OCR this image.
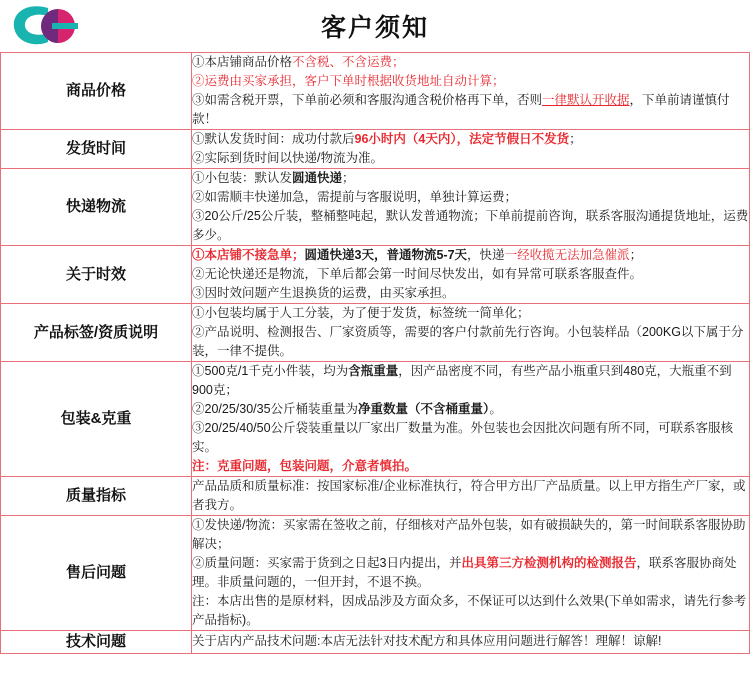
客户须知
商品价格	①本店铺商品价格不含税、不含运费；

②运费由买家承担，客户下单时根据收货地址自动计算；

③如需含税开票，下单前必须和客服沟通含税价格再下单，否则一律默认开收据，下单前请谨慎付款！

发货时间	①默认发货时间：成功付款后96小时内（4天内），法定节假日不发货；

②实际到货时间以快递/物流为准。

快递物流	①小包装：默认发圆通快递；

②如需顺丰快递加急，需提前与客服说明，单独计算运费；

③20公斤/25公斤装，整桶整吨起，默认发普通物流；下单前提前咨询，联系客服沟通提货地址，运费多少。

关于时效	①本店铺不接急单；圆通快递3天，普通物流5-7天，快递一经收揽无法加急催派；

②无论快递还是物流，下单后都会第一时间尽快发出，如有异常可联系客服查件。

③因时效问题产生退换货的运费，由买家承担。

产品标签/资质说明	①小包装均属于人工分装，为了便于发货，标签统一简单化；

②产品说明、检测报告、厂家资质等，需要的客户付款前先行咨询。小包装样品（200KG以下属于分装，一律不提供。

包装&克重	①500克/1千克小件装，均为含瓶重量，因产品密度不同，有些产品小瓶重只到480克，大瓶重不到900克；

②20/25/30/35公斤桶装重量为净重数量（不含桶重量）。

③20/25/40/50公斤袋装重量以厂家出厂数量为准。外包装也会因批次问题有所不同，可联系客服核实。

注：克重问题，包装问题，介意者慎拍。

质量指标	产品品质和质量标准：按国家标准/企业标准执行，符合甲方出厂产品质量。以上甲方指生产厂家，或者我方。

售后问题	①发快递/物流：买家需在签收之前，仔细核对产品外包装，如有破损缺失的，第一时间联系客服协助解决；

②质量问题：买家需于货到之日起3日内提出，并出具第三方检测机构的检测报告，联系客服协商处理。非质量问题的，一但开封，不退不换。

注：本店出售的是原材料，因成品涉及方面众多，不保证可以达到什么效果(下单如需求，请先行参考产品指标)。

技术问题	关于店内产品技术问题:本店无法针对技术配方和具体应用问题进行解答！理解！谅解!
